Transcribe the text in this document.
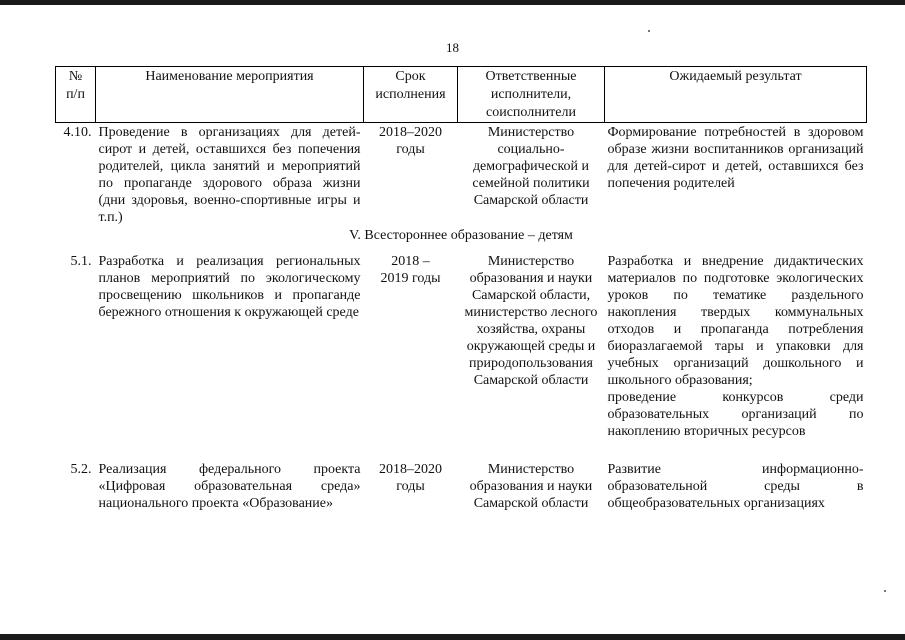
18
№ п/п	Наименование мероприятия	Срок исполнения	Ответственные исполнители, соисполнители	Ожидаемый результат
4.10.	Проведение в организациях для детей-сирот и детей, оставшихся без попечения родителей, цикла занятий и мероприятий по пропаганде здорового образа жизни (дни здоровья, военно-спортивные игры и т.п.)	2018–2020 годы	Министерство социально-демографической и семейной политики Самарской области	Формирование потребностей в здоровом образе жизни воспитанников организаций для детей-сирот и детей, оставшихся без попечения родителей
V. Всестороннее образование – детям				
5.1.	Разработка и реализация региональных планов мероприятий по экологическому просвещению школьников и пропаганде бережного отношения к окружающей среде	2018 – 2019 годы	Министерство образования и науки Самарской области, министерство лесного хозяйства, охраны окружающей среды и природопользования Самарской области	Разработка и внедрение дидактических материалов по подготовке экологических уроков по тематике раздельного накопления твердых коммунальных отходов и пропаганда потребления биоразлагаемой тары и упаковки для учебных организаций дошкольного и школьного образования;
проведение конкурсов среди образовательных организаций по накоплению вторичных ресурсов

5.2.	Реализация федерального проекта «Цифровая образовательная среда» национального проекта «Образование»	2018–2020 годы	Министерство образования и науки Самарской области	Развитие информационно-образовательной среды в общеобразовательных организациях
